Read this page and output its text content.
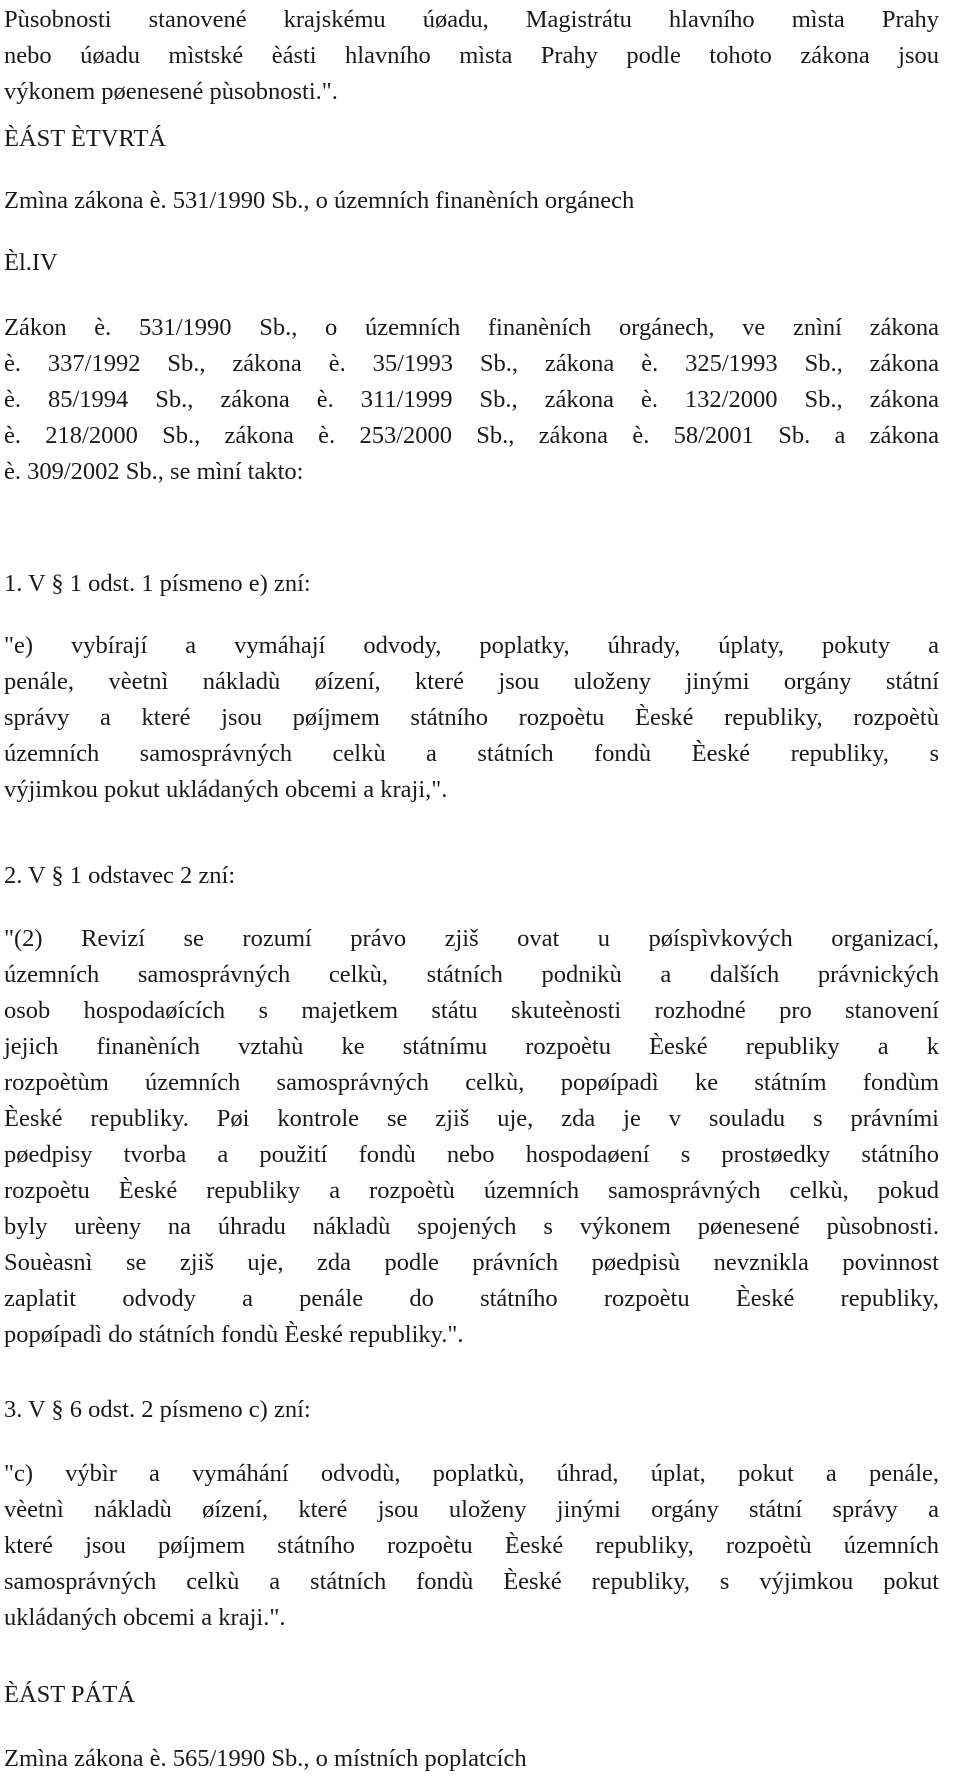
Pùsobnosti stanovené krajskému úøadu, Magistrátu hlavního mìsta Prahy
nebo úøadu mìstské èásti hlavního mìsta Prahy podle tohoto zákona jsou
výkonem pøenesené pùsobnosti.".
ÈÁST ÈTVRTÁ
Zmìna zákona è. 531/1990 Sb., o územních finanèních orgánech
Èl.IV
Zákon è. 531/1990 Sb., o územních finanèních orgánech, ve znìní zákona
è. 337/1992 Sb., zákona è. 35/1993 Sb., zákona è. 325/1993 Sb., zákona
è. 85/1994 Sb., zákona è. 311/1999 Sb., zákona è. 132/2000 Sb., zákona
è. 218/2000 Sb., zákona è. 253/2000 Sb., zákona è. 58/2001 Sb. a zákona
è. 309/2002 Sb., se mìní takto:
1. V § 1 odst. 1 písmeno e) zní:
"e) vybírají a vymáhají odvody, poplatky, úhrady, úplaty, pokuty a
penále, vèetnì nákladù øízení, které jsou uloženy jinými orgány státní
správy a které jsou pøíjmem státního rozpoètu Èeské republiky, rozpoètù
územních samosprávných celkù a státních fondù Èeské republiky, s
výjimkou pokut ukládaných obcemi a kraji,".
2. V § 1 odstavec 2 zní:
"(2) Revizí se rozumí právo zjiš ovat u pøíspìvkových organizací,
územních samosprávných celkù, státních podnikù a dalších právnických
osob hospodaøících s majetkem státu skuteènosti rozhodné pro stanovení
jejich finanèních vztahù ke státnímu rozpoètu Èeské republiky a k
rozpoètùm územních samosprávných celkù, popøípadì ke státním fondùm
Èeské republiky. Pøi kontrole se zjiš uje, zda je v souladu s právními
pøedpisy tvorba a použití fondù nebo hospodaøení s prostøedky státního
rozpoètu Èeské republiky a rozpoètù územních samosprávných celkù, pokud
byly urèeny na úhradu nákladù spojených s výkonem pøenesené pùsobnosti.
Souèasnì se zjiš uje, zda podle právních pøedpisù nevznikla povinnost
zaplatit odvody a penále do státního rozpoètu Èeské republiky,
popøípadì do státních fondù Èeské republiky.".
3. V § 6 odst. 2 písmeno c) zní:
"c) výbìr a vymáhání odvodù, poplatkù, úhrad, úplat, pokut a penále,
vèetnì nákladù øízení, které jsou uloženy jinými orgány státní správy a
které jsou pøíjmem státního rozpoètu Èeské republiky, rozpoètù územních
samosprávných celkù a státních fondù Èeské republiky, s výjimkou pokut
ukládaných obcemi a kraji.".
ÈÁST PÁTÁ
Zmìna zákona è. 565/1990 Sb., o místních poplatcích
